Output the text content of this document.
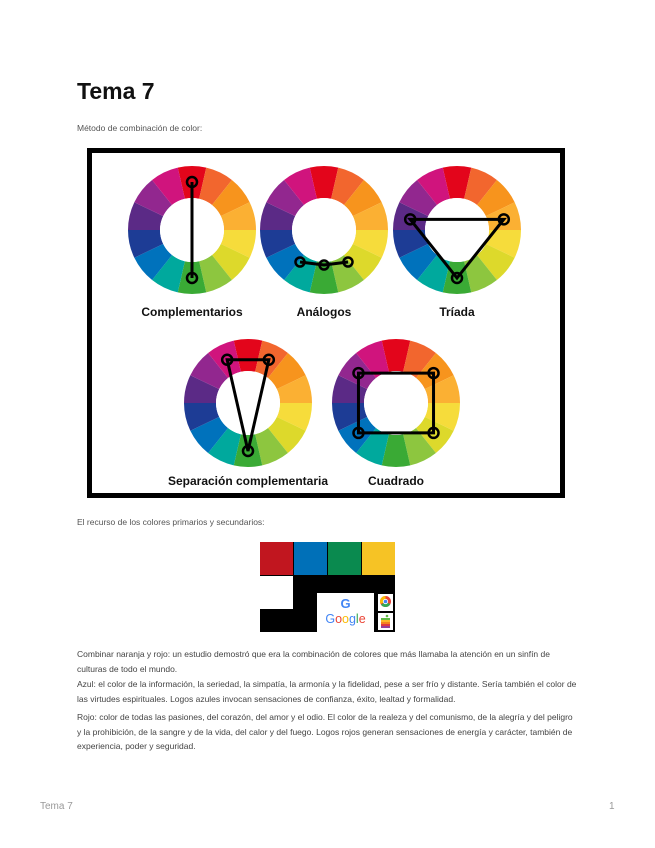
Tema 7
Método de combinación de color:
Complementarios	Análogos	Tríada
Separación complementaria	Cuadrado
El recurso de los colores primarios y secundarios:
G
Google

Combinar naranja y rojo: un estudio demostró que era la combinación de colores que más llamaba la atención en un sinfín de culturas de todo el mundo.

Azul: el color de la información, la seriedad, la simpatía, la armonía y la fidelidad, pese a ser frío y distante. Sería también el color de las virtudes espirituales. Logos azules invocan sensaciones de confianza, éxito, lealtad y formalidad.

Rojo: color de todas las pasiones, del corazón, del amor y el odio. El color de la realeza y del comunismo, de la alegría y del peligro y la prohibición, de la sangre y de la vida, del calor y del fuego. Logos rojos generan sensaciones de energía y carácter, también de experiencia, poder y seguridad.

Tema 7	1
